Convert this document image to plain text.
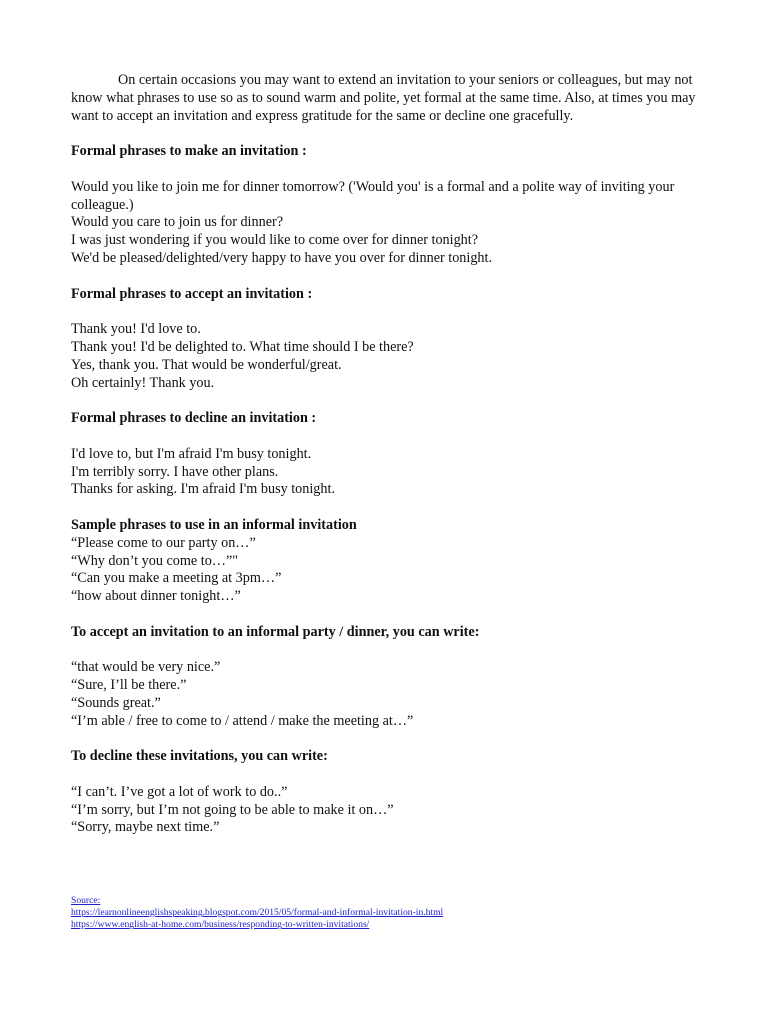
On certain occasions you may want to extend an invitation to your seniors or colleagues, but may not know what phrases to use so as to sound warm and polite, yet formal at the same time. Also, at times you may want to accept an invitation and express gratitude for the same or decline one gracefully.

Formal phrases to make an invitation :

Would you like to join me for dinner tomorrow? ('Would you' is a formal and a polite way of inviting your colleague.)

Would you care to join us for dinner?

I was just wondering if you would like to come over for dinner tonight?

We'd be pleased/delighted/very happy to have you over for dinner tonight.

Formal phrases to accept an invitation :

Thank you! I'd love to.

Thank you! I'd be delighted to. What time should I be there?

Yes, thank you. That would be wonderful/great.

Oh certainly! Thank you.

Formal phrases to decline an invitation :

I'd love to, but I'm afraid I'm busy tonight.

I'm terribly sorry. I have other plans.

Thanks for asking. I'm afraid I'm busy tonight.

Sample phrases to use in an informal invitation

“Please come to our party on…”

“Why don’t you come to…”"

“Can you make a meeting at 3pm…”

“how about dinner tonight…”

To accept an invitation to an informal party / dinner, you can write:

“that would be very nice.”

“Sure, I’ll be there.”

“Sounds great.”

“I’m able / free to come to / attend / make the meeting at…”

To decline these invitations, you can write:

“I can’t. I’ve got a lot of work to do..”

“I’m sorry, but I’m not going to be able to make it on…”

“Sorry, maybe next time.”

Source:
https://learnonlineenglishspeaking.blogspot.com/2015/05/formal-and-informal-invitation-in.html
https://www.english-at-home.com/business/responding-to-written-invitations/
